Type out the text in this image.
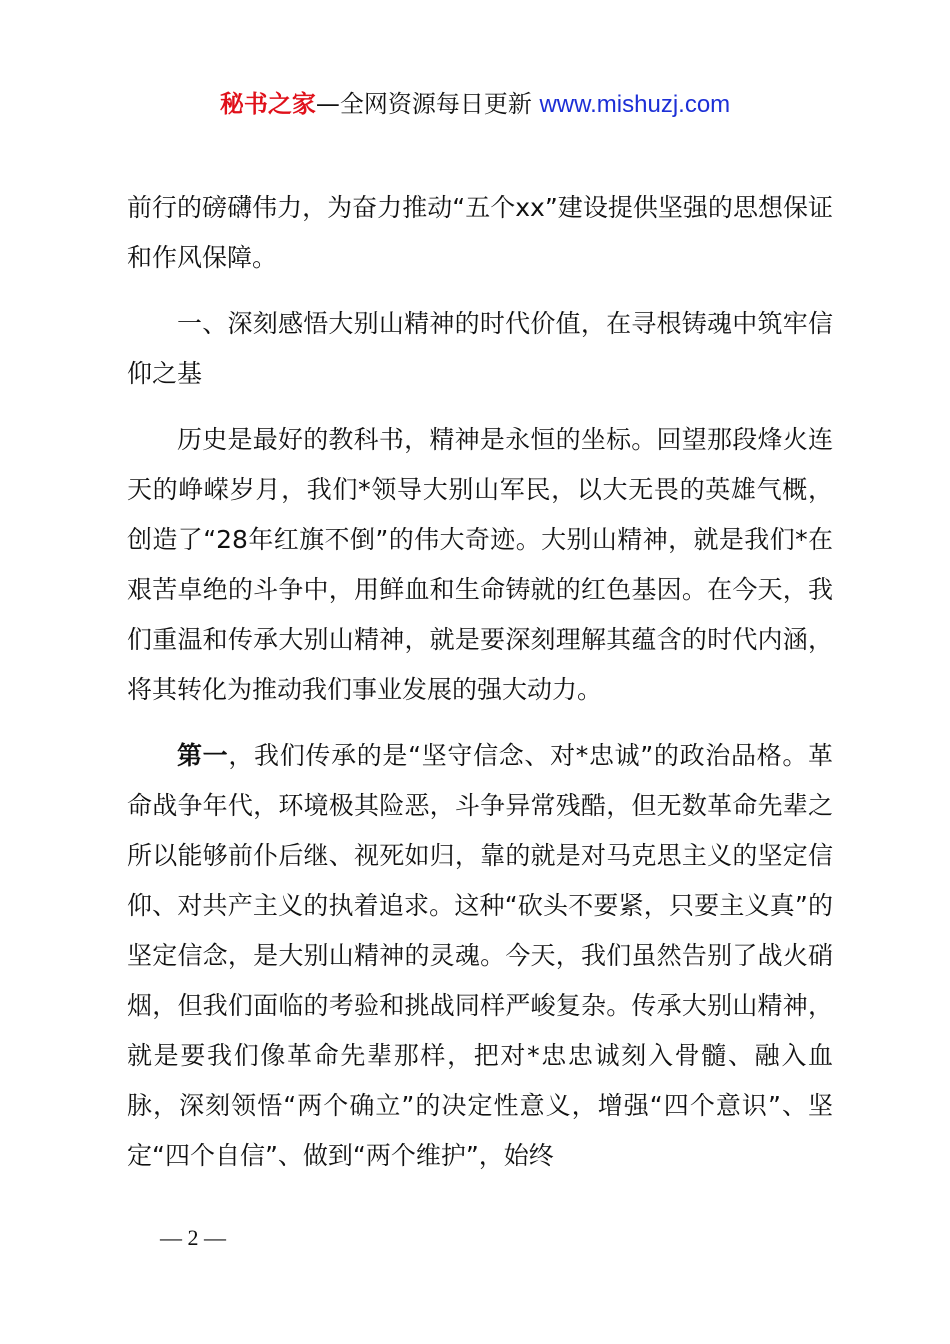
秘书之家—全网资源每日更新 www.mishuzj.com

前行的磅礴伟力，为奋力推动“五个xx”建设提供坚强的思想保证和作风保障。

一、深刻感悟大别山精神的时代价值，在寻根铸魂中筑牢信仰之基

历史是最好的教科书，精神是永恒的坐标。回望那段烽火连天的峥嵘岁月，我们*领导大别山军民，以大无畏的英雄气概，创造了“28年红旗不倒”的伟大奇迹。大别山精神，就是我们*在艰苦卓绝的斗争中，用鲜血和生命铸就的红色基因。在今天，我们重温和传承大别山精神，就是要深刻理解其蕴含的时代内涵，将其转化为推动我们事业发展的强大动力。

第一，我们传承的是“坚守信念、对*忠诚”的政治品格。革命战争年代，环境极其险恶，斗争异常残酷，但无数革命先辈之所以能够前仆后继、视死如归，靠的就是对马克思主义的坚定信仰、对共产主义的执着追求。这种“砍头不要紧，只要主义真”的坚定信念，是大别山精神的灵魂。今天，我们虽然告别了战火硝烟，但我们面临的考验和挑战同样严峻复杂。传承大别山精神，就是要我们像革命先辈那样，把对*忠忠诚刻入骨髓、融入血脉，深刻领悟“两个确立”的决定性意义，增强“四个意识”、坚定“四个自信”、做到“两个维护”，始终

— 2 —
